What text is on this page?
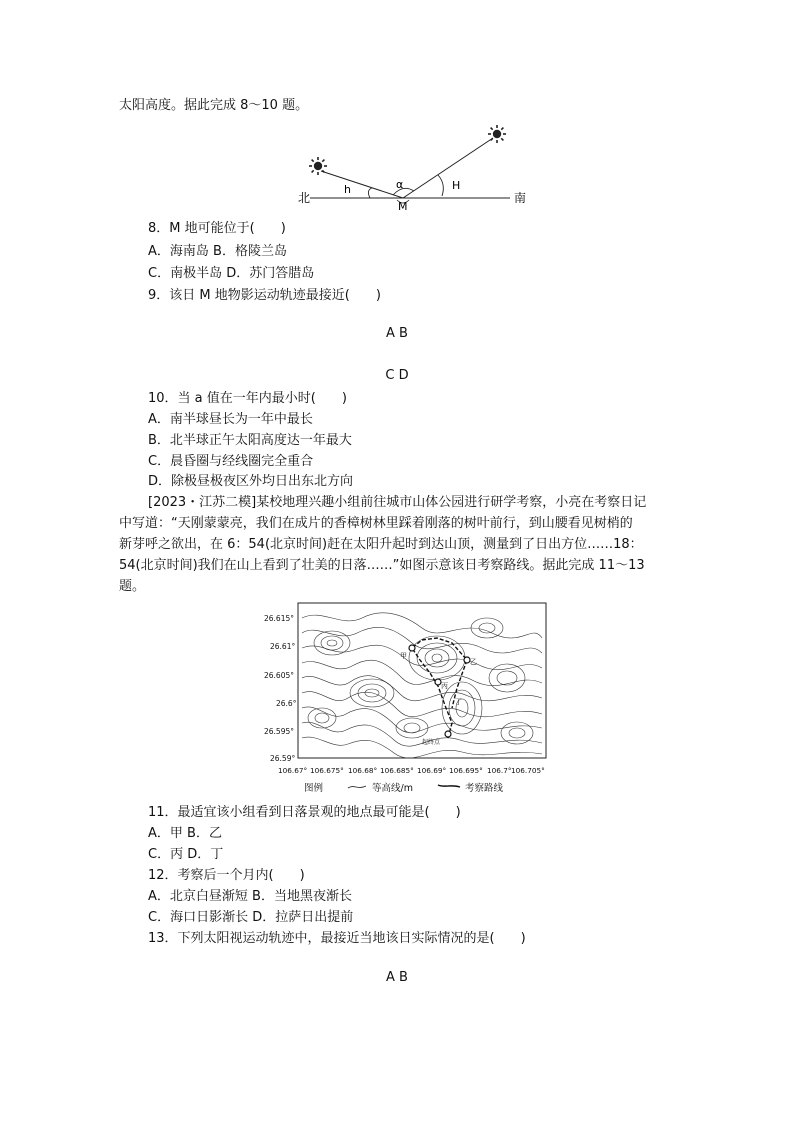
太阳高度。据此完成 8～10 题。
北	南
h	α	H
M
8．M 地可能位于(　　)
A．海南岛 B．格陵兰岛
C．南极半岛 D．苏门答腊岛
9．该日 M 地物影运动轨迹最接近(　　)
A B
C D
10．当 a 值在一年内最小时(　　)
A．南半球昼长为一年中最长
B．北半球正午太阳高度达一年最大
C．晨昏圈与经线圈完全重合
D．除极昼极夜区外均日出东北方向
[2023・江苏二模]某校地理兴趣小组前往城市山体公园进行研学考察，小亮在考察日记
中写道：“天刚蒙蒙亮，我们在成片的香樟树林里踩着刚落的树叶前行，到山腰看见树梢的
新芽呼之欲出，在 6：54(北京时间)赶在太阳升起时到达山顶，测量到了日出方位……18：
54(北京时间)我们在山上看到了壮美的日落……”如图示意该日考察路线。据此完成 11～13
题。
26.615°
26.61°
26.605°
26.6°
26.595°
26.59°
106.67° 106.675° 106.68° 106.685° 106.69° 106.695° 106.7° 106.705°
甲
乙
丙
丁
起终点
图例	等高线/m	考察路线
11．最适宜该小组看到日落景观的地点最可能是(　　)
A．甲 B．乙
C．丙 D．丁
12．考察后一个月内(　　)
A．北京白昼渐短 B．当地黑夜渐长
C．海口日影渐长 D．拉萨日出提前
13．下列太阳视运动轨迹中，最接近当地该日实际情况的是(　　)
A B
